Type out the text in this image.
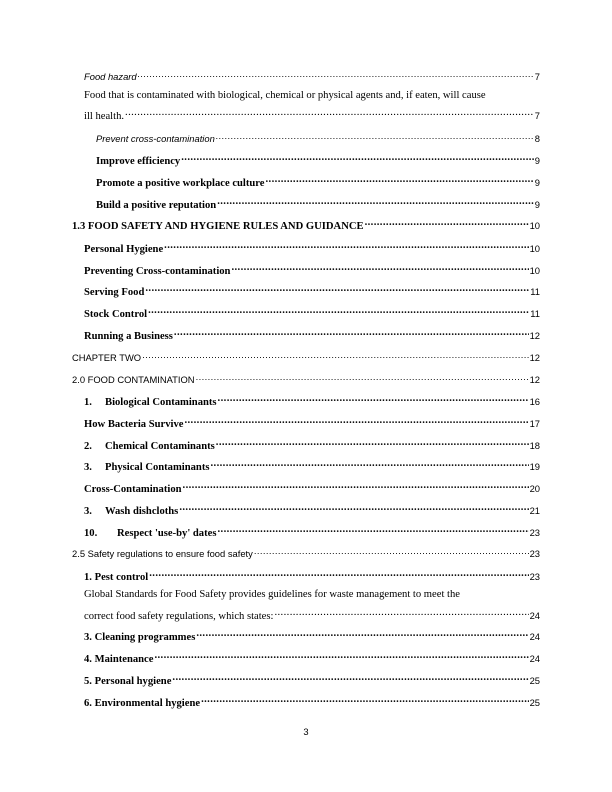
Food hazard .....	7
Food that is contaminated with biological, chemical or physical agents and, if eaten, will cause
ill health. .....	7
Prevent cross-contamination .....	8
Improve efficiency .....	9
Promote a positive workplace culture .....	9
Build a positive reputation .....	9
1.3 FOOD SAFETY AND HYGIENE RULES AND GUIDANCE .....	10
Personal Hygiene .....	10
Preventing Cross-contamination .....	10
Serving Food .....	11
Stock Control .....	11
Running a Business .....	12
CHAPTER TWO .....	12
2.0 FOOD CONTAMINATION .....	12
1.	Biological Contaminants .....	16
How Bacteria Survive .....	17
2.	Chemical Contaminants .....	18
3.	Physical Contaminants .....	19
Cross-Contamination .....	20
3.	Wash dishcloths .....	21
10.	Respect 'use-by' dates .....	23
2.5 Safety regulations to ensure food safety .....	23
1. Pest control .....	23
Global Standards for Food Safety provides guidelines for waste management to meet the
correct food safety regulations, which states: .....	24
3. Cleaning programmes .....	24
4. Maintenance .....	24
5. Personal hygiene .....	25
6. Environmental hygiene .....	25
3
